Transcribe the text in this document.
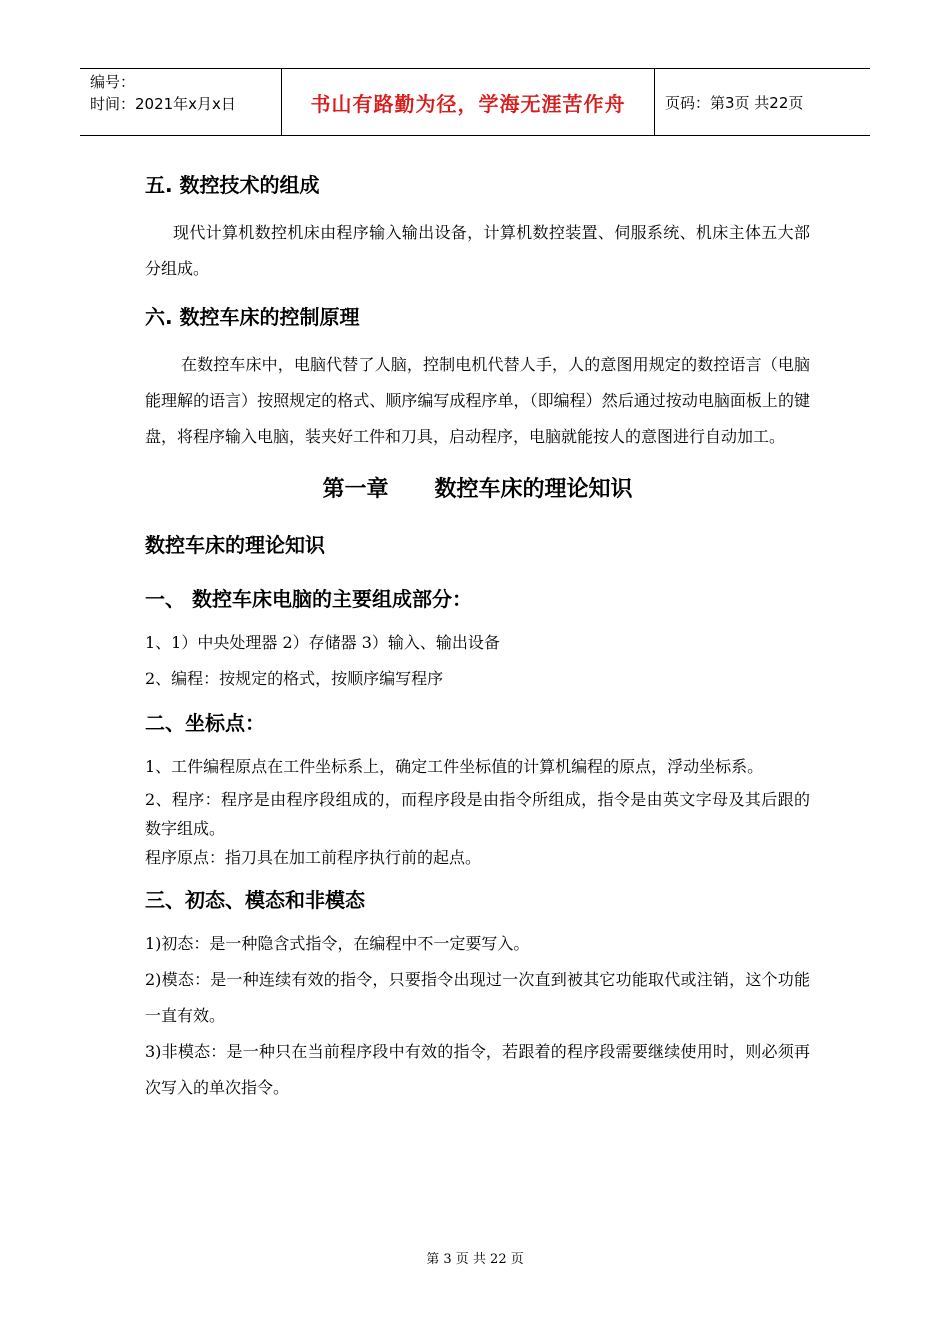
编号：
时间：2021年x月x日	书山有路勤为径，学海无涯苦作舟	页码：第3页 共22页
五. 数控技术的组成

现代计算机数控机床由程序输入输出设备，计算机数控装置、伺服系统、机床主体五大部分组成。

六. 数控车床的控制原理

在数控车床中，电脑代替了人脑，控制电机代替人手，人的意图用规定的数控语言（电脑能理解的语言）按照规定的格式、顺序编写成程序单，（即编程）然后通过按动电脑面板上的键盘，将程序输入电脑，装夹好工件和刀具，启动程序，电脑就能按人的意图进行自动加工。

第一章      数控车床的理论知识
数控车床的理论知识
一、 数控车床电脑的主要组成部分：

1、1）中央处理器 2）存储器 3）输入、输出设备

2、编程：按规定的格式，按顺序编写程序

二、坐标点：

1、工件编程原点在工件坐标系上，确定工件坐标值的计算机编程的原点，浮动坐标系。

2、程序：程序是由程序段组成的，而程序段是由指令所组成，指令是由英文字母及其后跟的数字组成。

程序原点：指刀具在加工前程序执行前的起点。

三、初态、模态和非模态

1)初态：是一种隐含式指令，在编程中不一定要写入。

2)模态：是一种连续有效的指令，只要指令出现过一次直到被其它功能取代或注销，这个功能一直有效。

3)非模态：是一种只在当前程序段中有效的指令，若跟着的程序段需要继续使用时，则必须再次写入的单次指令。

第 3 页 共 22 页
